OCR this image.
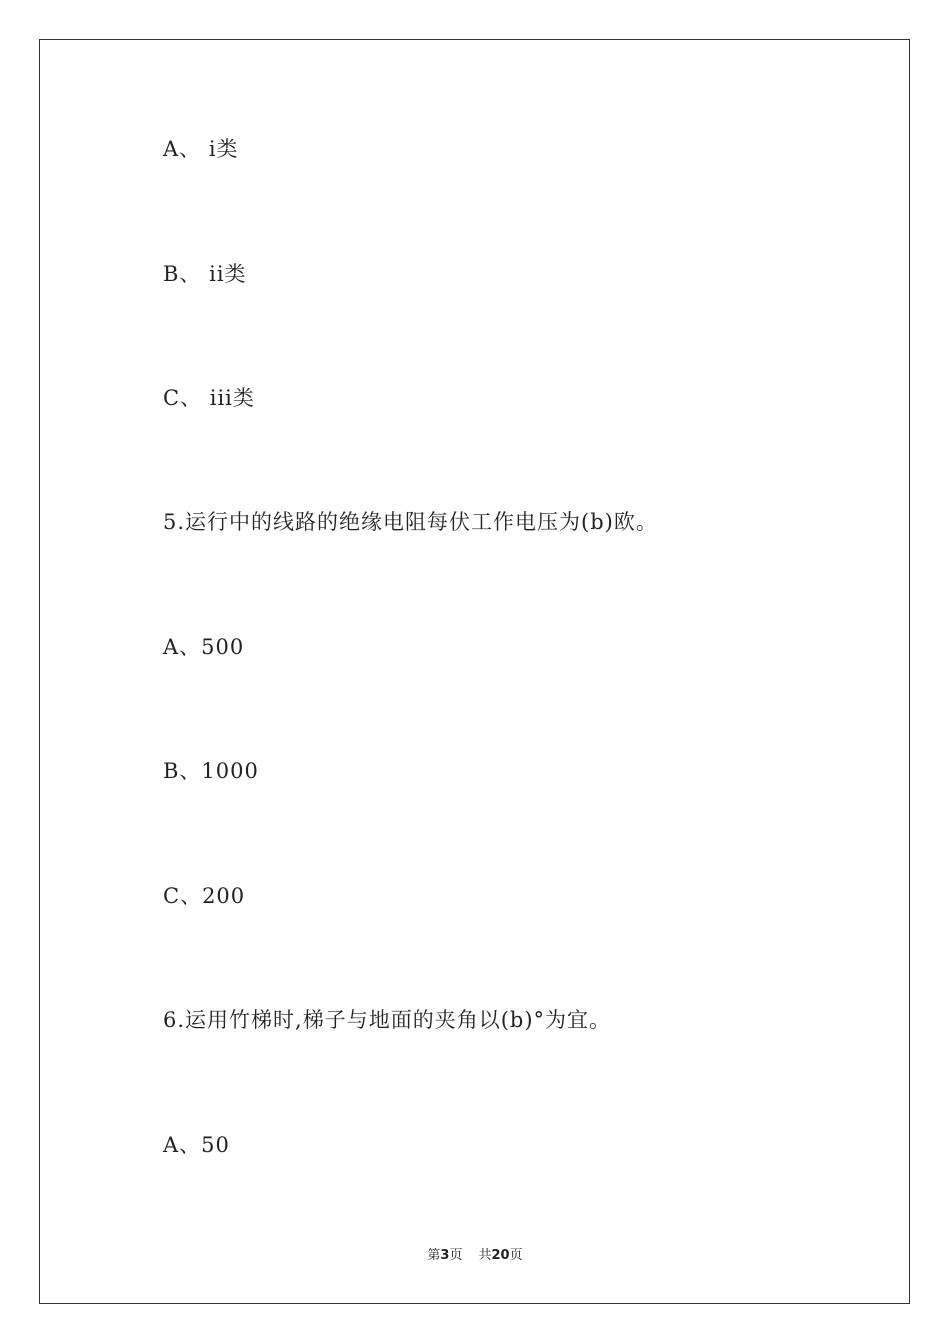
A、 i类
B、 ii类
C、 iii类
5.运行中的线路的绝缘电阻每伏工作电压为(b)欧。
A、500
B、1000
C、200
6.运用竹梯时,梯子与地面的夹角以(b)°为宜。
A、50
第3页 共20页
